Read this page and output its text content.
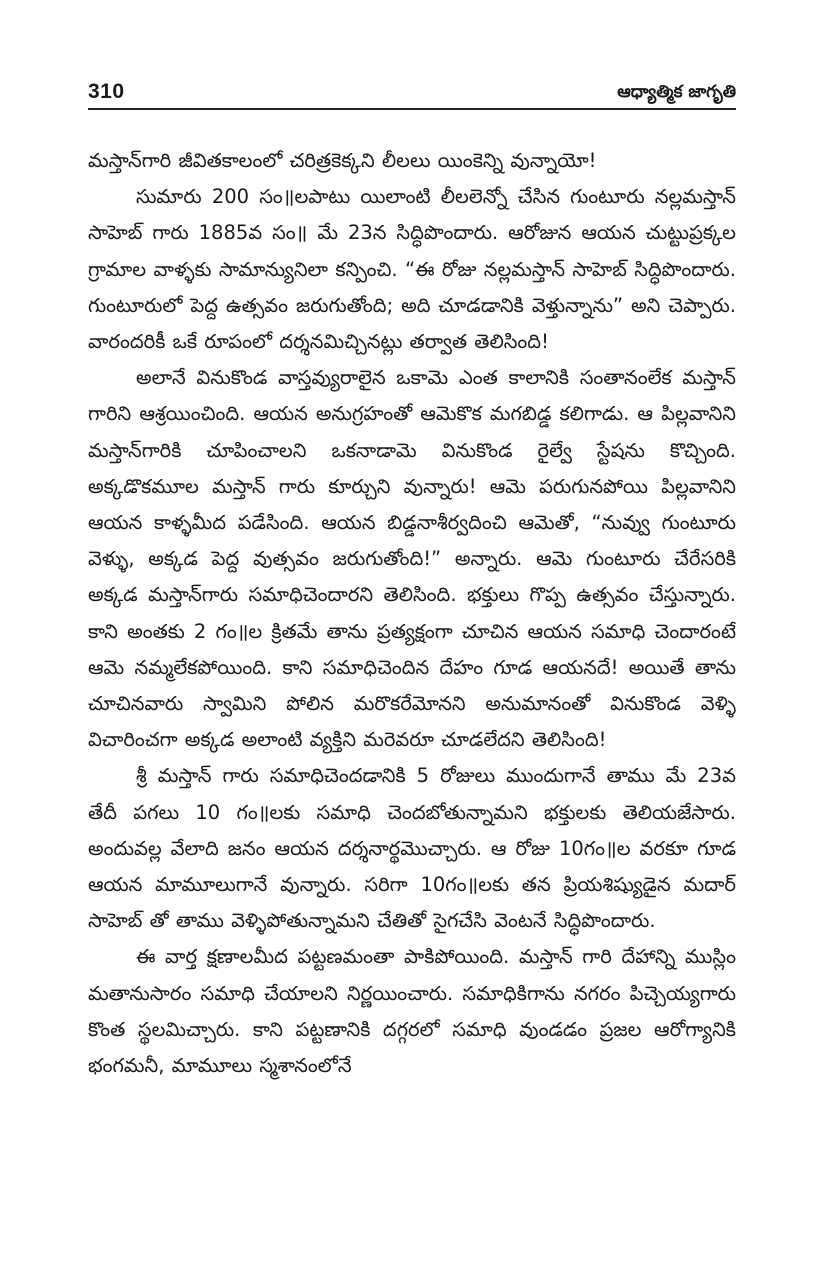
310	ఆధ్యాత్మిక జాగృతి

మస్తాన్‌గారి జీవితకాలంలో చరిత్రకెక్కని లీలలు యింకెన్ని వున్నాయో!

సుమారు 200 సం॥లపాటు యిలాంటి లీలలెన్నో చేసిన గుంటూరు నల్లమస్తాన్ సాహెబ్ గారు 1885వ సం॥ మే 23న సిద్ధిపొందారు. ఆరోజున ఆయన చుట్టుప్రక్కల గ్రామాల వాళ్ళకు సామాన్యునిలా కన్పించి. “ఈ రోజు నల్లమస్తాన్ సాహెబ్ సిద్ధిపొందారు. గుంటూరులో పెద్ద ఉత్సవం జరుగుతోంది; అది చూడడానికి వెళ్తున్నాను” అని చెప్పారు. వారందరికీ ఒకే రూపంలో దర్శనమిచ్చినట్లు తర్వాత తెలిసింది!

అలానే వినుకొండ వాస్తవ్యురాలైన ఒకామె ఎంత కాలానికి సంతానంలేక మస్తాన్ గారిని ఆశ్రయించింది. ఆయన అనుగ్రహంతో ఆమెకొక మగబిడ్డ కలిగాడు. ఆ పిల్లవానిని మస్తాన్‌గారికి చూపించాలని ఒకనాడామె వినుకొండ రైల్వే స్టేషను కొచ్చింది. అక్కడొకమూల మస్తాన్ గారు కూర్చుని వున్నారు! ఆమె పరుగునపోయి పిల్లవానిని ఆయన కాళ్ళమీద పడేసింది. ఆయన బిడ్డనాశీర్వదించి ఆమెతో, “నువ్వు గుంటూరు వెళ్ళు, అక్కడ పెద్ద వుత్సవం జరుగుతోంది!” అన్నారు. ఆమె గుంటూరు చేరేసరికి అక్కడ మస్తాన్‌గారు సమాధిచెందారని తెలిసింది. భక్తులు గొప్ప ఉత్సవం చేస్తున్నారు. కాని అంతకు 2 గం॥ల క్రితమే తాను ప్రత్యక్షంగా చూచిన ఆయన సమాధి చెందారంటే ఆమె నమ్మలేకపోయింది. కాని సమాధిచెందిన దేహం గూడ ఆయనదే! అయితే తాను చూచినవారు స్వామిని పోలిన మరొకరేమోనని అనుమానంతో వినుకొండ వెళ్ళి విచారించగా అక్కడ అలాంటి వ్యక్తిని మరెవరూ చూడలేదని తెలిసింది!

శ్రీ మస్తాన్ గారు సమాధిచెందడానికి 5 రోజులు ముందుగానే తాము మే 23వ తేదీ పగలు 10 గం॥లకు సమాధి చెందబోతున్నామని భక్తులకు తెలియజేసారు. అందువల్ల వేలాది జనం ఆయన దర్శనార్థమొచ్చారు. ఆ రోజు 10గం॥ల వరకూ గూడ ఆయన మామూలుగానే వున్నారు. సరిగా 10గం॥లకు తన ప్రియశిష్యుడైన మదార్ సాహెబ్ తో తాము వెళ్ళిపోతున్నామని చేతితో సైగచేసి వెంటనే సిద్ధిపొందారు.

ఈ వార్త క్షణాలమీద పట్టణమంతా పాకిపోయింది. మస్తాన్ గారి దేహాన్ని ముస్లిం మతానుసారం సమాధి చేయాలని నిర్ణయించారు. సమాధికిగాను నగరం పిచ్చెయ్యగారు కొంత స్థలమిచ్చారు. కాని పట్టణానికి దగ్గరలో సమాధి వుండడం ప్రజల ఆరోగ్యానికి భంగమనీ, మామూలు స్మశానంలోనే
